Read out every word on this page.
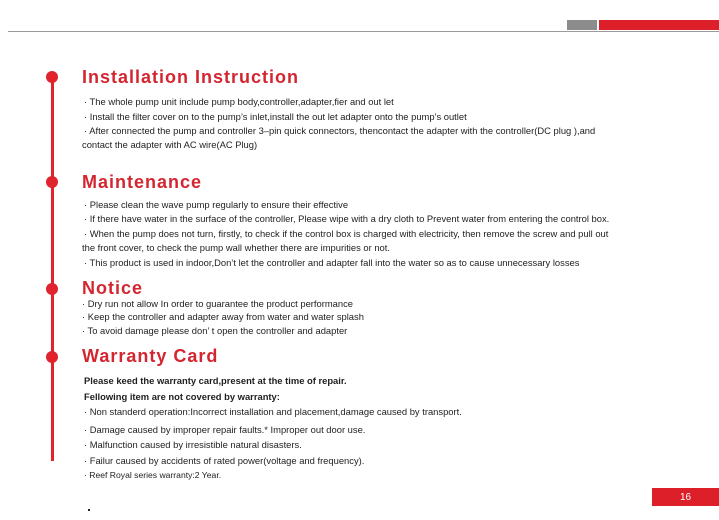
Installation Instruction
· The whole pump unit include pump body,controller,adapter,fier and out let
· Install the filter cover on to the pump’s inlet,install the out let adapter onto the pump’s outlet
· After connected the pump and controller 3–pin quick connectors, thencontact the adapter with the controller(DC plug ),and
contact the adapter with AC wire(AC Plug)
Maintenance
· Please clean the wave pump regularly to ensure their effective
· If there have water in the surface of the controller, Please wipe with a dry cloth to Prevent water from entering the control box.
· When the pump does not turn, firstly, to check if the control box is charged with electricity, then remove the screw and pull out
the front cover, to check the pump wall whether there are impurities or not.
· This product is used in indoor,Don’t let the controller and adapter fall into the water so as to cause unnecessary losses
Notice
· Dry run not allow In order to guarantee the product performance
· Keep the controller and adapter away from water and water splash
· To avoid damage please don’ t open the controller and adapter
Warranty Card
Please keed the warranty card,present at the time of repair.
Fellowing item are not covered by warranty:
· Non standerd operation:Incorrect installation and placement,damage caused by transport.
· Damage caused by improper repair faults.* Improper out door use.
· Malfunction caused by irresistible natural disasters.
· Failur caused by accidents of rated power(voltage and frequency).
· Reef Royal series warranty:2 Year.
16
